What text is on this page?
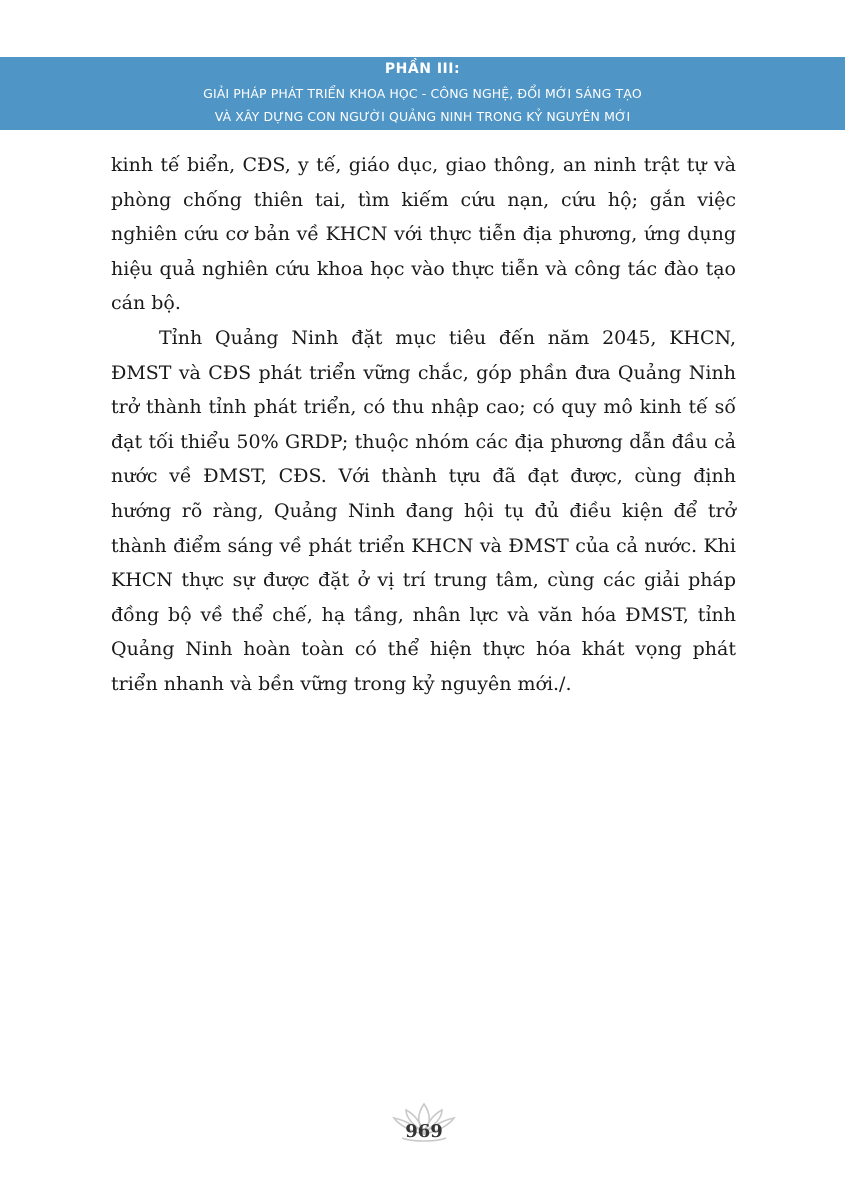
PHẦN III:
GIẢI PHÁP PHÁT TRIỂN KHOA HỌC - CÔNG NGHỆ, ĐỔI MỚI SÁNG TẠO
VÀ XÂY DỰNG CON NGƯỜI QUẢNG NINH TRONG KỶ NGUYÊN MỚI

kinh tế biển, CĐS, y tế, giáo dục, giao thông, an ninh trật tự và phòng chống thiên tai, tìm kiếm cứu nạn, cứu hộ; gắn việc nghiên cứu cơ bản về KHCN với thực tiễn địa phương, ứng dụng hiệu quả nghiên cứu khoa học vào thực tiễn và công tác đào tạo cán bộ.

Tỉnh Quảng Ninh đặt mục tiêu đến năm 2045, KHCN, ĐMST và CĐS phát triển vững chắc, góp phần đưa Quảng Ninh trở thành tỉnh phát triển, có thu nhập cao; có quy mô kinh tế số đạt tối thiểu 50% GRDP; thuộc nhóm các địa phương dẫn đầu cả nước về ĐMST, CĐS. Với thành tựu đã đạt được, cùng định hướng rõ ràng, Quảng Ninh đang hội tụ đủ điều kiện để trở thành điểm sáng về phát triển KHCN và ĐMST của cả nước. Khi KHCN thực sự được đặt ở vị trí trung tâm, cùng các giải pháp đồng bộ về thể chế, hạ tầng, nhân lực và văn hóa ĐMST, tỉnh Quảng Ninh hoàn toàn có thể hiện thực hóa khát vọng phát triển nhanh và bền vững trong kỷ nguyên mới./.

969
